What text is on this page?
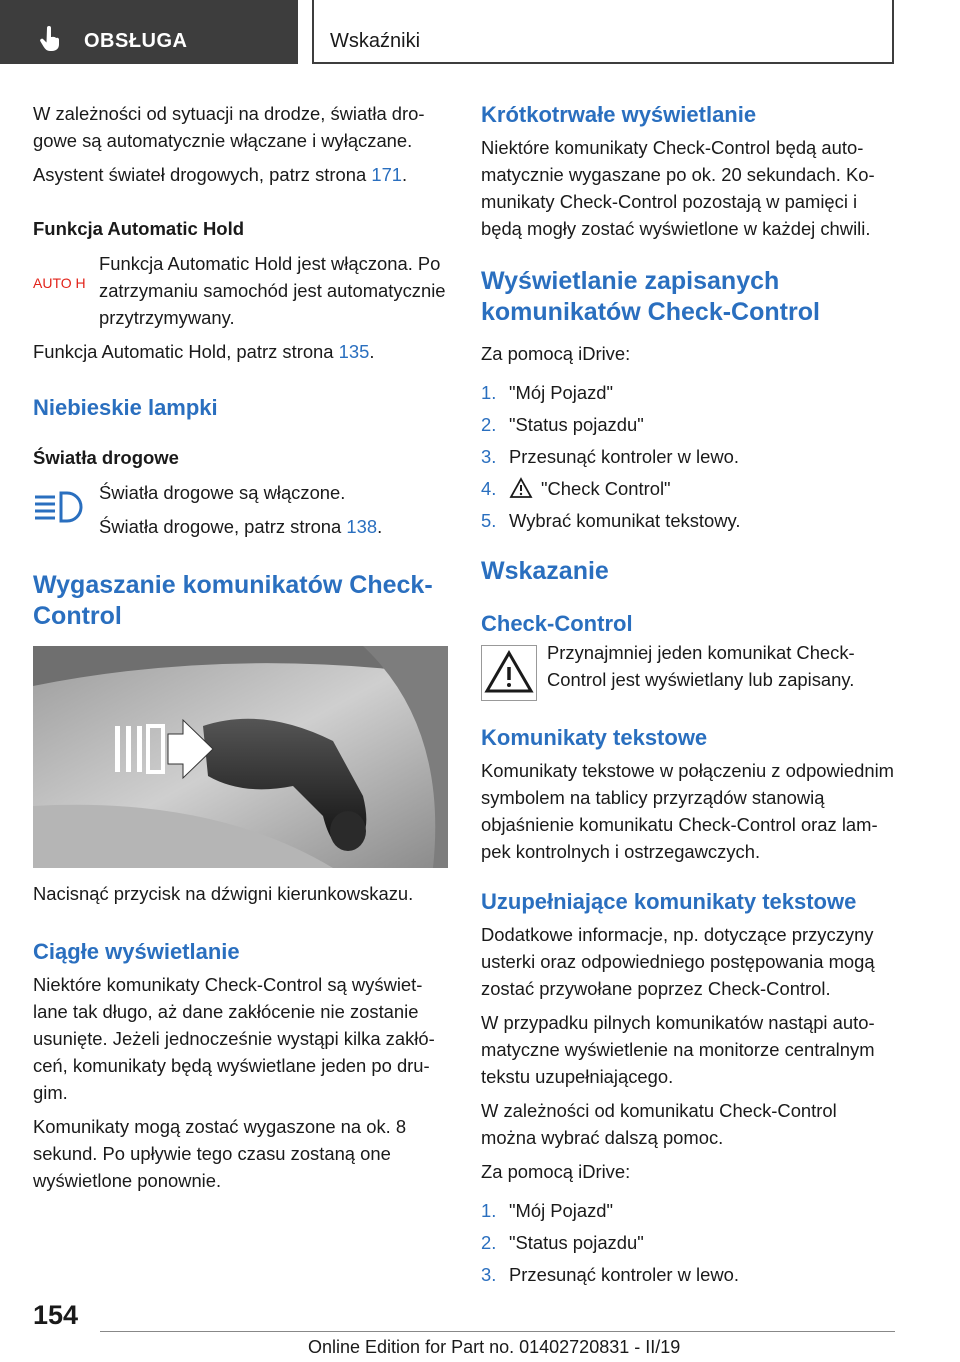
OBSŁUGA	Wskaźniki

W zależności od sytuacji na drodze, światła drogowe są automatycznie włączane i wyłączane.

Asystent świateł drogowych, patrz strona 171.

Funkcja Automatic Hold
AUTO H

Funkcja Automatic Hold jest włączona. Po zatrzymaniu samochód jest automatycznie przytrzymywany.

Funkcja Automatic Hold, patrz strona 135.

Niebieskie lampki
Światła drogowe

Światła drogowe są włączone.

Światła drogowe, patrz strona 138.

Wygaszanie komunikatów Check-Control

Nacisnąć przycisk na dźwigni kierunkowskazu.

Ciągłe wyświetlanie

Niektóre komunikaty Check-Control są wyświetlane tak długo, aż dane zakłócenie nie zostanie usunięte. Jeżeli jednocześnie wystąpi kilka zakłóceń, komunikaty będą wyświetlane jeden po drugim.

Komunikaty mogą zostać wygaszone na ok. 8 sekund. Po upływie tego czasu zostaną one wyświetlone ponownie.

Krótkotrwałe wyświetlanie

Niektóre komunikaty Check-Control będą automatycznie wygaszane po ok. 20 sekundach. Komunikaty Check-Control pozostają w pamięci i będą mogły zostać wyświetlone w każdej chwili.

Wyświetlanie zapisanych komunikatów Check-Control

Za pomocą iDrive:

1. "Mój Pojazd"
2. "Status pojazdu"
3. Przesunąć kontroler w lewo.
4.	"Check Control"
5. Wybrać komunikat tekstowy.
Wskazanie
Check-Control

Przynajmniej jeden komunikat Check-Control jest wyświetlany lub zapisany.

Komunikaty tekstowe

Komunikaty tekstowe w połączeniu z odpowiednim symbolem na tablicy przyrządów stanowią objaśnienie komunikatu Check-Control oraz lampek kontrolnych i ostrzegawczych.

Uzupełniające komunikaty tekstowe

Dodatkowe informacje, np. dotyczące przyczyny usterki oraz odpowiedniego postępowania mogą zostać przywołane poprzez Check-Control.

W przypadku pilnych komunikatów nastąpi automatyczne wyświetlenie na monitorze centralnym tekstu uzupełniającego.

W zależności od komunikatu Check-Control można wybrać dalszą pomoc.

Za pomocą iDrive:

1. "Mój Pojazd"
2. "Status pojazdu"
3. Przesunąć kontroler w lewo.
154
Online Edition for Part no. 01402720831 - II/19
